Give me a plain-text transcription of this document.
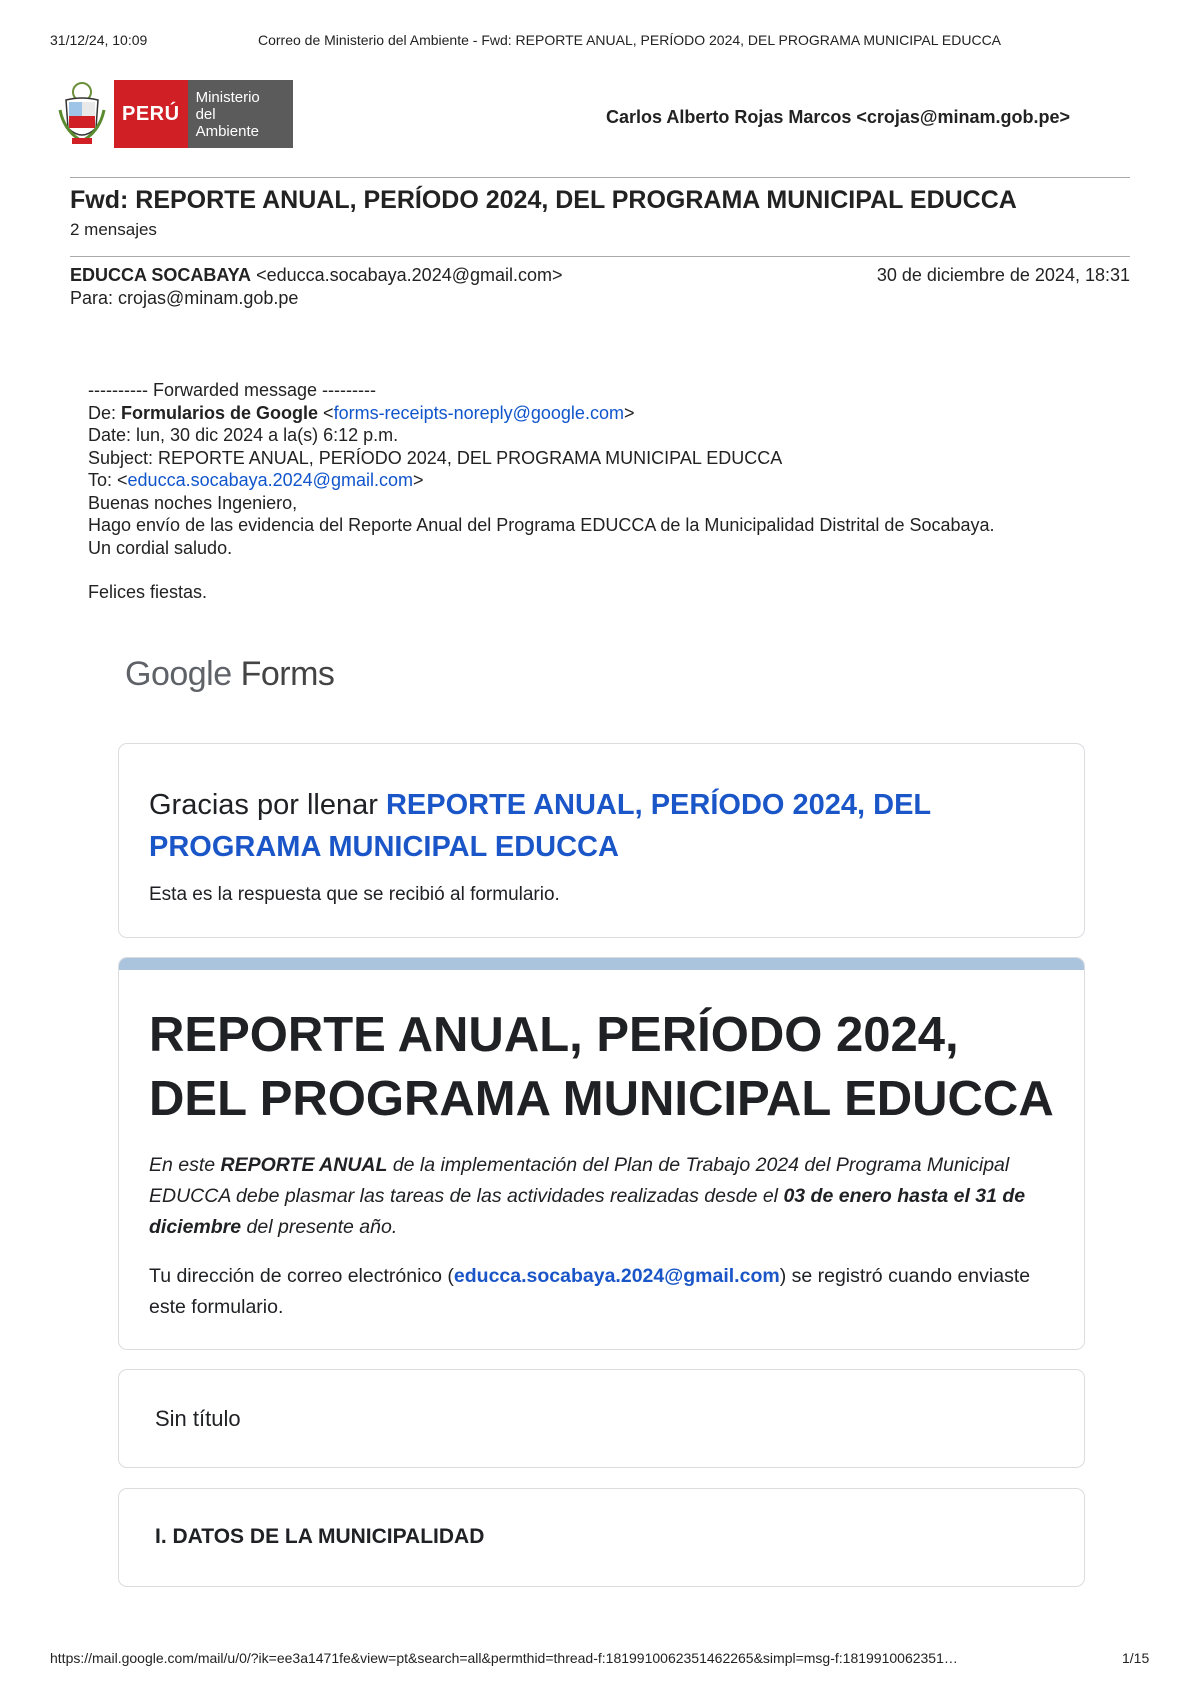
31/12/24, 10:09	Correo de Ministerio del Ambiente - Fwd: REPORTE ANUAL, PERÍODO 2024, DEL PROGRAMA MUNICIPAL EDUCCA
PERÚ
Ministerio
del Ambiente
Carlos Alberto Rojas Marcos <crojas@minam.gob.pe>
Fwd: REPORTE ANUAL, PERÍODO 2024, DEL PROGRAMA MUNICIPAL EDUCCA
2 mensajes
EDUCCA SOCABAYA <educca.socabaya.2024@gmail.com>	30 de diciembre de 2024, 18:31
Para: crojas@minam.gob.pe
---------- Forwarded message ---------
De: Formularios de Google <forms-receipts-noreply@google.com>
Date: lun, 30 dic 2024 a la(s) 6:12 p.m.
Subject: REPORTE ANUAL, PERÍODO 2024, DEL PROGRAMA MUNICIPAL EDUCCA
To: <educca.socabaya.2024@gmail.com>
Buenas noches Ingeniero,
Hago envío de las evidencia del Reporte Anual del Programa EDUCCA de la Municipalidad Distrital de Socabaya.
Un cordial saludo.
Felices fiestas.
Google Forms
Gracias por llenar REPORTE ANUAL, PERÍODO 2024, DEL PROGRAMA MUNICIPAL EDUCCA
Esta es la respuesta que se recibió al formulario.
REPORTE ANUAL, PERÍODO 2024, DEL PROGRAMA MUNICIPAL EDUCCA
En este REPORTE ANUAL de la implementación del Plan de Trabajo 2024 del Programa Municipal EDUCCA debe plasmar las tareas de las actividades realizadas desde el 03 de enero hasta el 31 de diciembre del presente año.
Tu dirección de correo electrónico (educca.socabaya.2024@gmail.com) se registró cuando enviaste este formulario.
Sin título
I. DATOS DE LA MUNICIPALIDAD
https://mail.google.com/mail/u/0/?ik=ee3a1471fe&view=pt&search=all&permthid=thread-f:1819910062351462265&simpl=msg-f:1819910062351…	1/15
